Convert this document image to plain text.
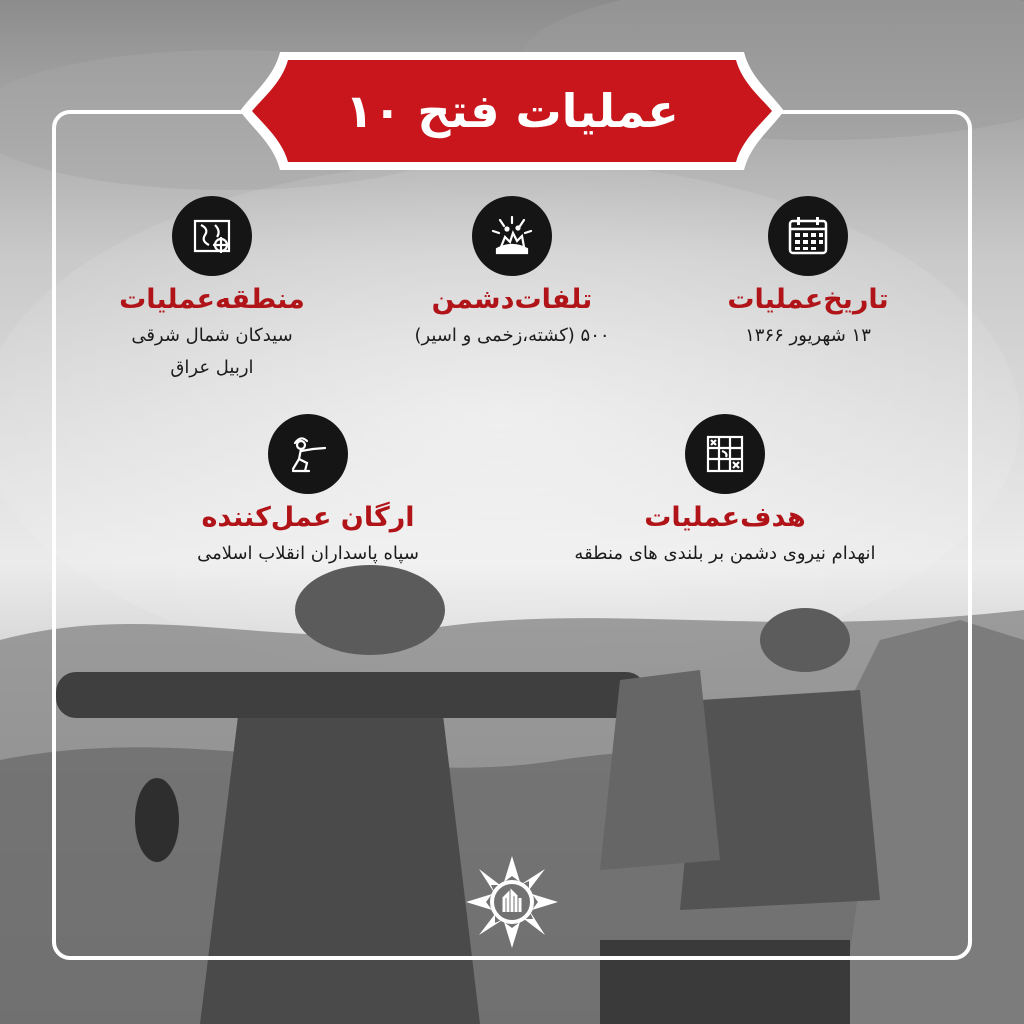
عملیات فتح ۱۰
تاریخ‌عملیات
۱۳ شهریور ۱۳۶۶
تلفات‌دشمن
۵۰۰ (کشته،زخمی و اسیر)
منطقه‌عملیات
سیدکان شمال شرقی
اربیل عراق
هدف‌عملیات
انهدام نیروی دشمن بر بلندی های منطقه
ارگان عمل‌کننده
سپاه پاسداران انقلاب اسلامی
